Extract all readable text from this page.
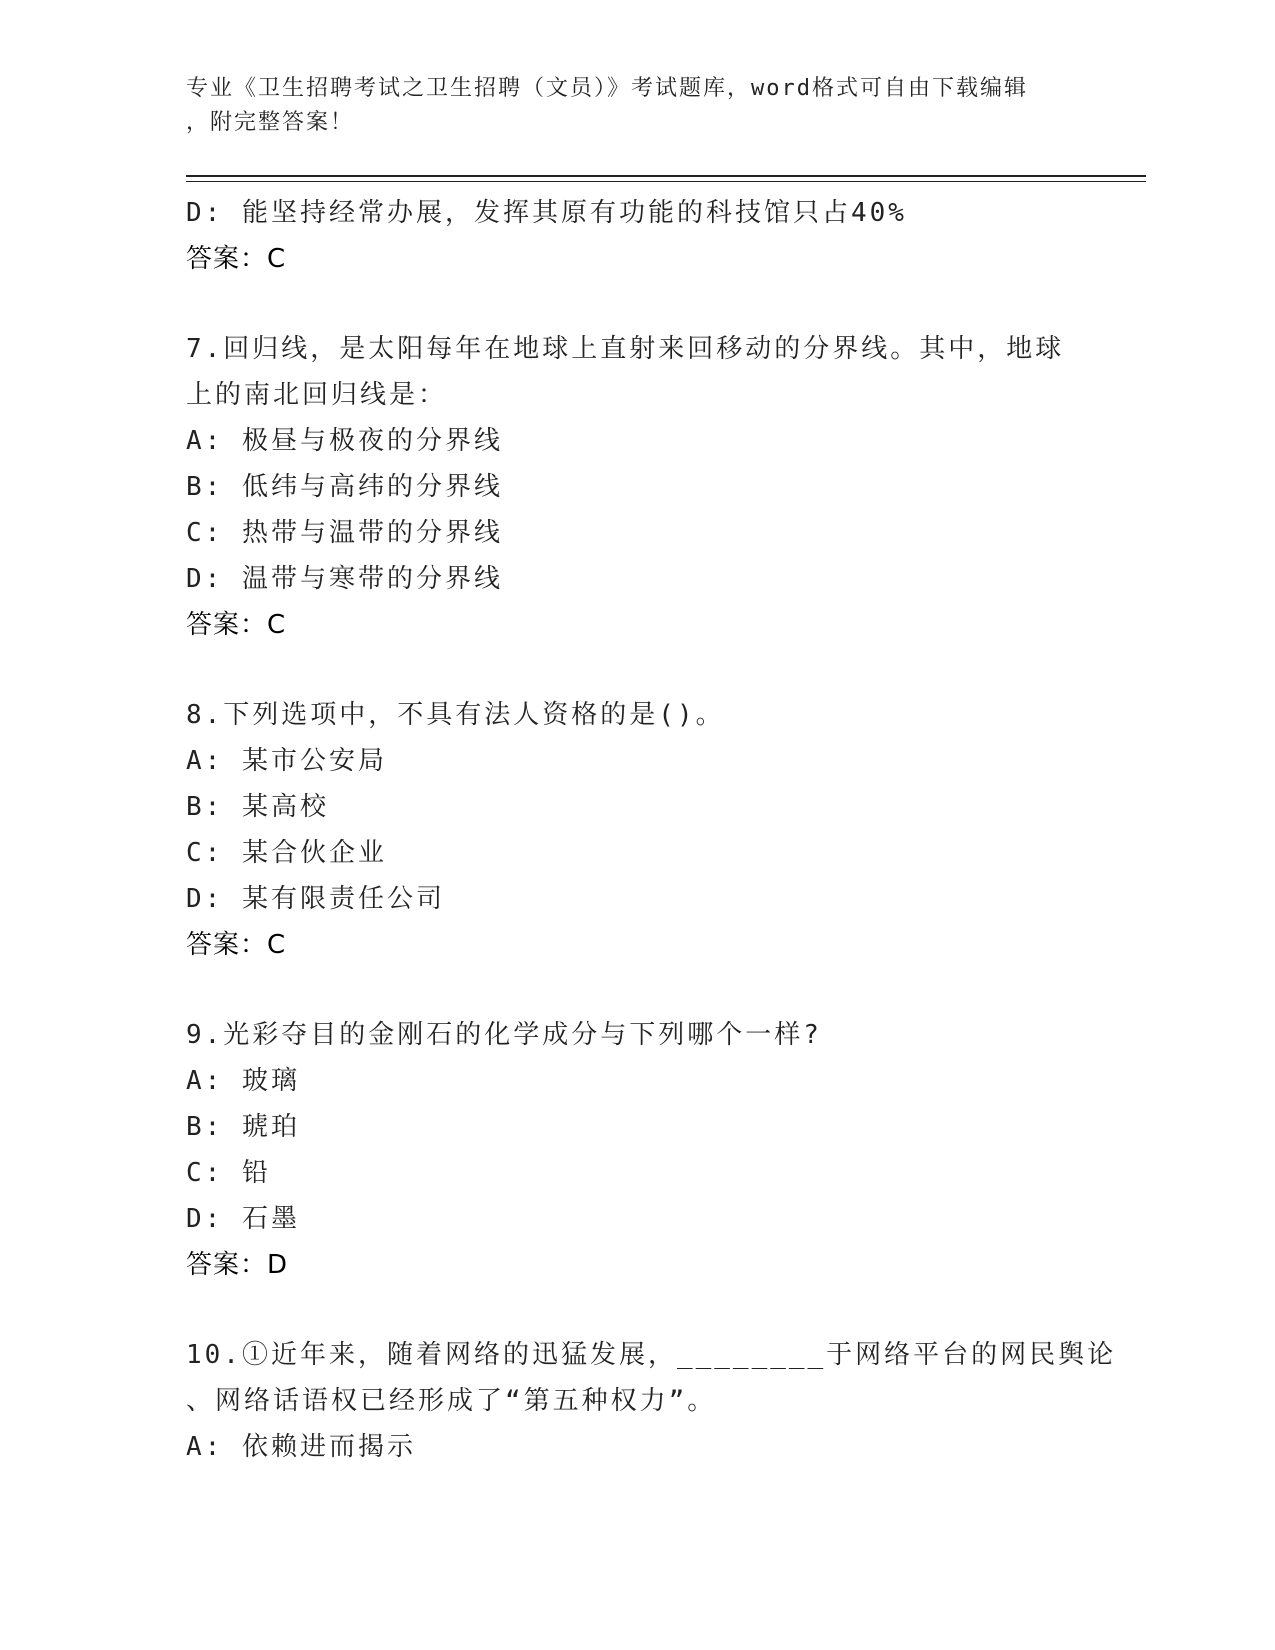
专业《卫生招聘考试之卫生招聘（文员）》考试题库，word格式可自由下载编辑
，附完整答案！
D: 能坚持经常办展，发挥其原有功能的科技馆只占40%
答案：C
7.回归线，是太阳每年在地球上直射来回移动的分界线。其中，地球
上的南北回归线是：
A: 极昼与极夜的分界线
B: 低纬与高纬的分界线
C: 热带与温带的分界线
D: 温带与寒带的分界线
答案：C
8.下列选项中，不具有法人资格的是()。
A: 某市公安局
B: 某高校
C: 某合伙企业
D: 某有限责任公司
答案：C
9.光彩夺目的金刚石的化学成分与下列哪个一样?
A: 玻璃
B: 琥珀
C: 铅
D: 石墨
答案：D
10.①近年来，随着网络的迅猛发展，________于网络平台的网民舆论
、网络话语权已经形成了“第五种权力”。
A: 依赖进而揭示
